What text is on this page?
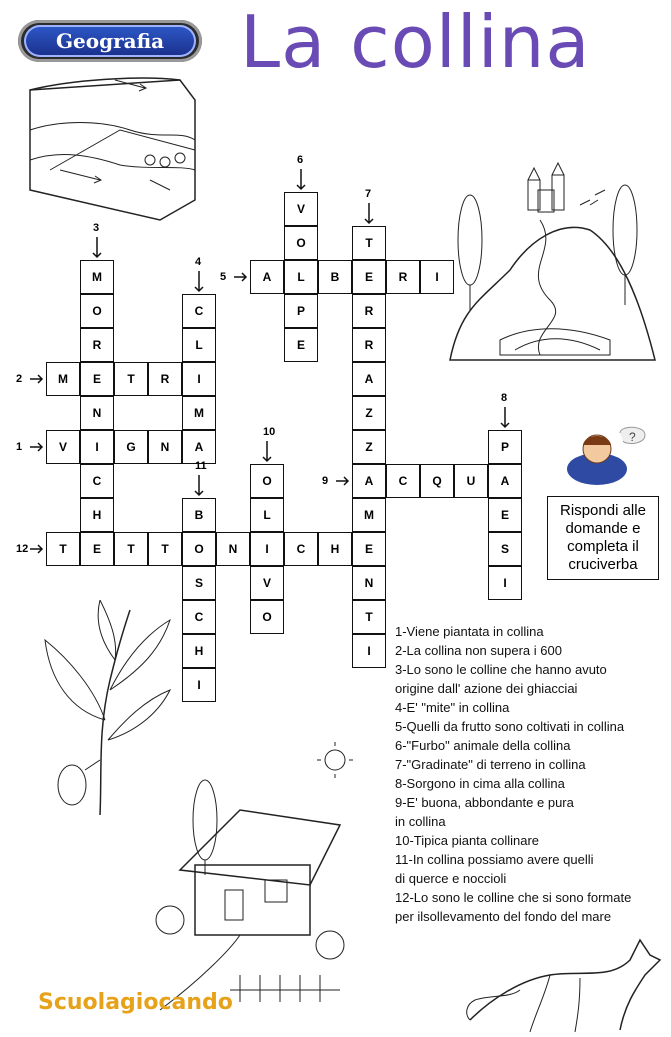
Geografia	La collina
?
Rispondi alle domande e completa il cruciverba
V	I	G	N	A
M	E	T	R	I
M
O
R
N
C
H
E
C
L
M
A	L	B	E	R	I
V
O
P
E
T
R
R
A
Z
Z
A
M
E
N
T
I
P
A
E
S
I
C	Q	U
O
L
I
V
O
B
O
S
C
H
I
T	T	T	N	C	H
1
2
3
4
5
6
7
8
9
10
11
12
1-Viene piantata in collina
2-La collina non supera i 600
3-Lo sono le colline che hanno avuto
origine dall' azione dei ghiacciai
4-E' "mite" in collina
5-Quelli da frutto sono coltivati in collina
6-"Furbo" animale della collina
7-"Gradinate" di terreno in collina
8-Sorgono in cima alla collina
9-E' buona, abbondante e pura
in collina
10-Tipica pianta collinare
11-In collina possiamo avere quelli
di querce e noccioli
12-Lo sono le colline che si sono formate
per ilsollevamento del fondo del mare
Scuolagiocando
